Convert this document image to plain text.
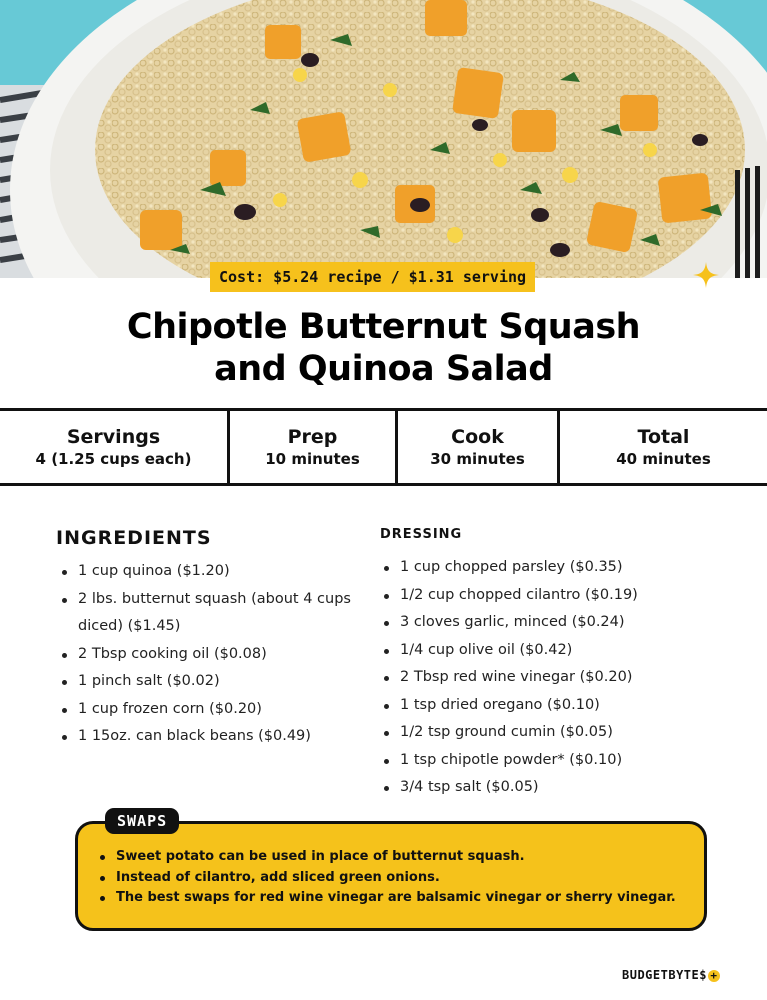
Cost: $5.24 recipe / $1.31 serving
Chipotle Butternut Squash
and Quinoa Salad
Servings
4 (1.25 cups each)
Prep
10 minutes
Cook
30 minutes
Total
40 minutes
INGREDIENTS
1 cup quinoa ($1.20)
2 lbs. butternut squash (about 4 cups diced) ($1.45)
2 Tbsp cooking oil ($0.08)
1 pinch salt ($0.02)
1 cup frozen corn ($0.20)
1 15oz. can black beans ($0.49)
DRESSING
1 cup chopped parsley ($0.35)
1/2 cup chopped cilantro ($0.19)
3 cloves garlic, minced ($0.24)
1/4 cup olive oil ($0.42)
2 Tbsp red wine vinegar ($0.20)
1 tsp dried oregano ($0.10)
1/2 tsp ground cumin ($0.05)
1 tsp chipotle powder* ($0.10)
3/4 tsp salt ($0.05)
SWAPS
Sweet potato can be used in place of butternut squash.
Instead of cilantro, add sliced green onions.
The best swaps for red wine vinegar are balsamic vinegar or sherry vinegar.
BUDGETBYTE$ +
